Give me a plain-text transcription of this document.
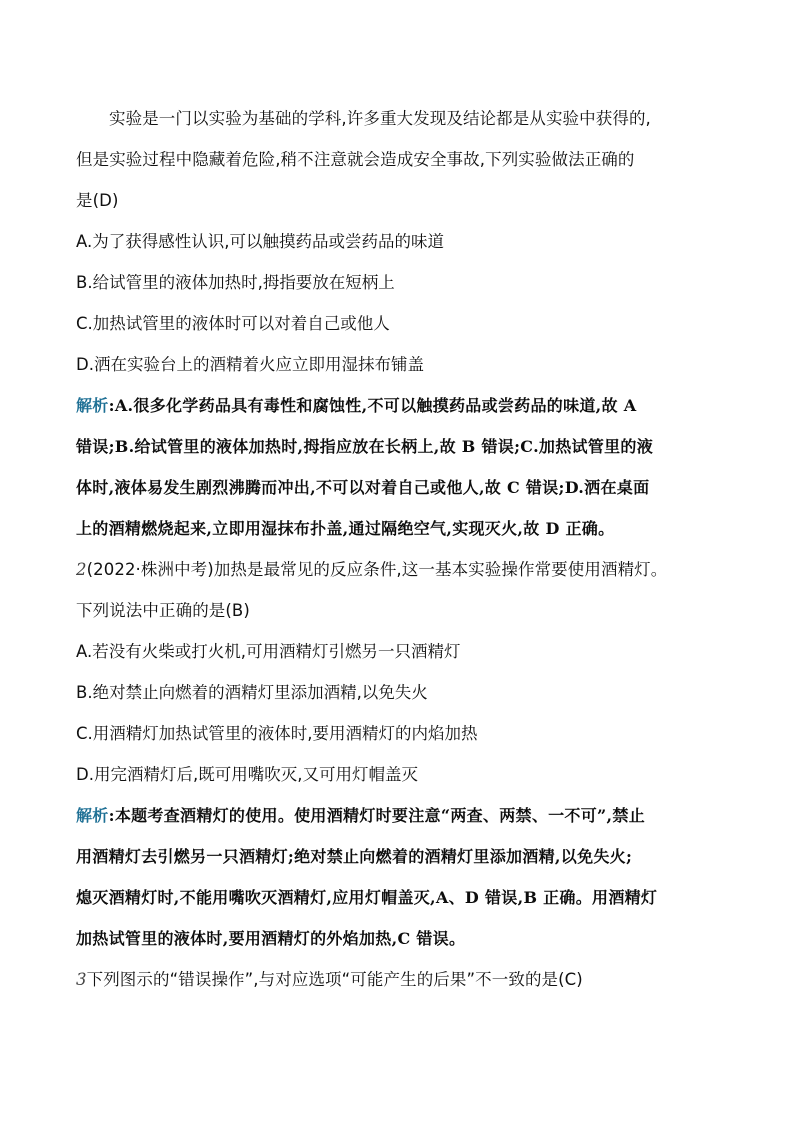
实验是一门以实验为基础的学科,许多重大发现及结论都是从实验中获得的,
但是实验过程中隐藏着危险,稍不注意就会造成安全事故,下列实验做法正确的
是(D)
A.为了获得感性认识,可以触摸药品或尝药品的味道
B.给试管里的液体加热时,拇指要放在短柄上
C.加热试管里的液体时可以对着自己或他人
D.洒在实验台上的酒精着火应立即用湿抹布铺盖
解析:A.很多化学药品具有毒性和腐蚀性,不可以触摸药品或尝药品的味道,故 A
错误;B.给试管里的液体加热时,拇指应放在长柄上,故 B 错误;C.加热试管里的液
体时,液体易发生剧烈沸腾而冲出,不可以对着自己或他人,故 C 错误;D.洒在桌面
上的酒精燃烧起来,立即用湿抹布扑盖,通过隔绝空气,实现灭火,故 D 正确。
2(2022·株洲中考)加热是最常见的反应条件,这一基本实验操作常要使用酒精灯。
下列说法中正确的是(B)
A.若没有火柴或打火机,可用酒精灯引燃另一只酒精灯
B.绝对禁止向燃着的酒精灯里添加酒精,以免失火
C.用酒精灯加热试管里的液体时,要用酒精灯的内焰加热
D.用完酒精灯后,既可用嘴吹灭,又可用灯帽盖灭
解析:本题考查酒精灯的使用。使用酒精灯时要注意“两查、两禁、一不可”,禁止
用酒精灯去引燃另一只酒精灯;绝对禁止向燃着的酒精灯里添加酒精,以免失火;
熄灭酒精灯时,不能用嘴吹灭酒精灯,应用灯帽盖灭,A、D 错误,B 正确。用酒精灯
加热试管里的液体时,要用酒精灯的外焰加热,C 错误。
3下列图示的“错误操作”,与对应选项“可能产生的后果”不一致的是(C)
